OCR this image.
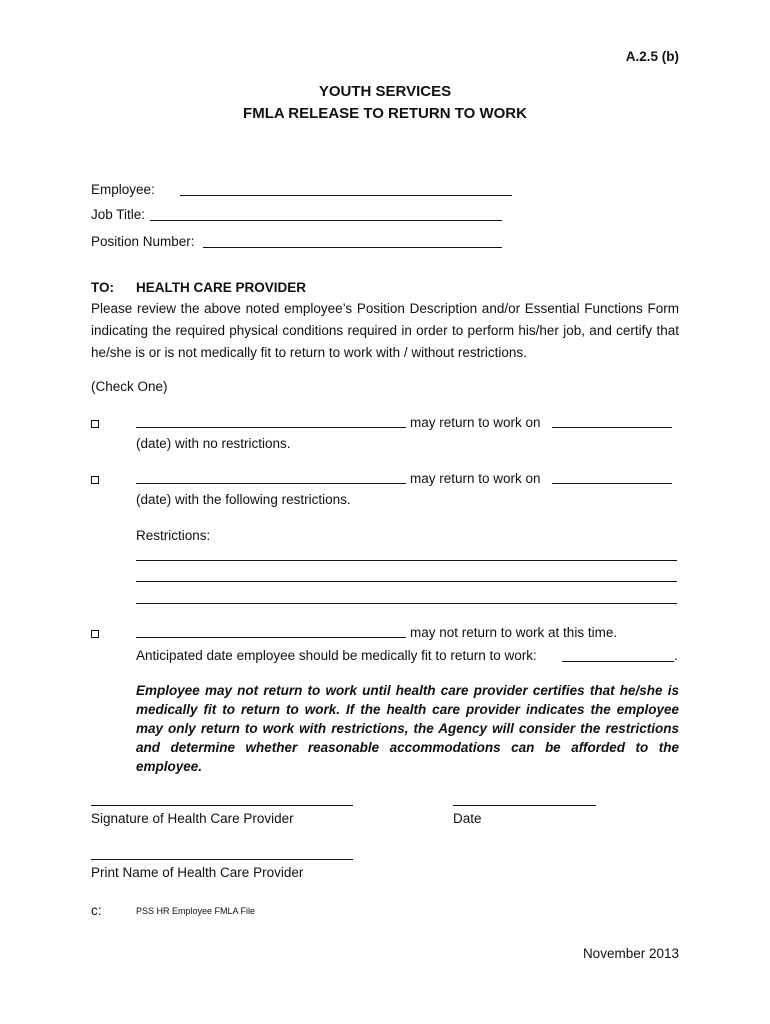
A.2.5 (b)
YOUTH SERVICES
FMLA RELEASE TO RETURN TO WORK
Employee:
Job Title:
Position Number:
TO: HEALTH CARE PROVIDER
Please review the above noted employee’s Position Description and/or Essential Functions Form indicating the required physical conditions required in order to perform his/her job, and certify that he/she is or is not medically fit to return to work with / without restrictions.
(Check One)
may return to work on
(date) with no restrictions.
may return to work on
(date) with the following restrictions.
Restrictions:
may not return to work at this time.
Anticipated date employee should be medically fit to return to work:	.
Employee may not return to work until health care provider certifies that he/she is medically fit to return to work. If the health care provider indicates the employee may only return to work with restrictions, the Agency will consider the restrictions and determine whether reasonable accommodations can be afforded to the employee.
Signature of Health Care Provider	Date
Print Name of Health Care Provider
c:	PSS HR Employee FMLA File
November 2013
